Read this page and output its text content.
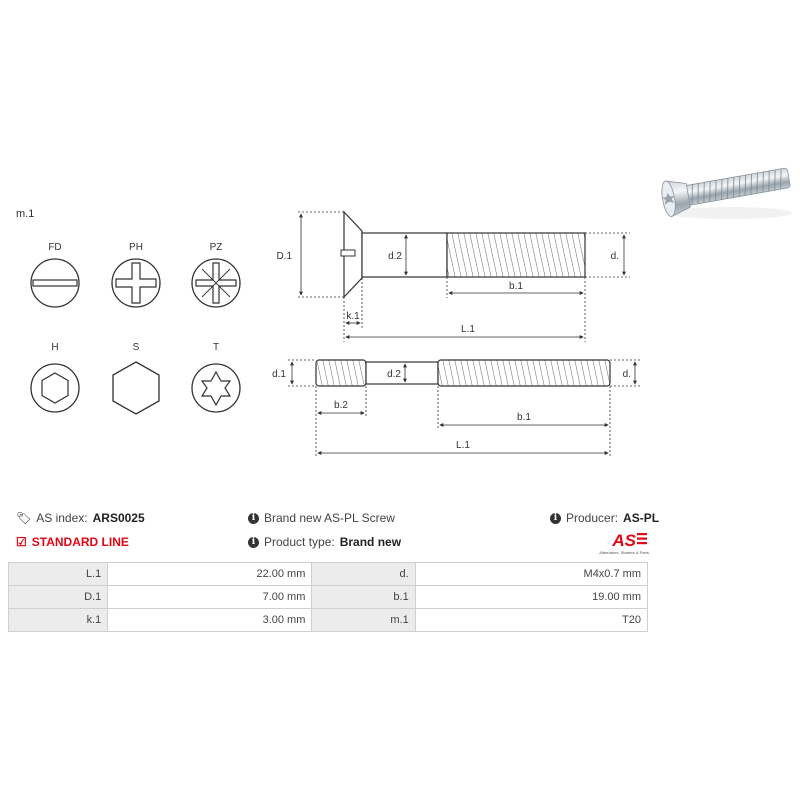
m.1
FD	PH	PZ
H	S	T
D.1	d.2	d.
b.1
k.1
L.1
d.1	d.2	d.
b.2
b.1
L.1
🏷︎ AS index: ARS0025
☑ STANDARD LINE
i Brand new AS-PL Screw
i Product type: Brand new
i Producer: AS-PL
AS
Alternators, Starters & Parts
L.1	22.00 mm	d.	M4x0.7 mm
D.1	7.00 mm	b.1	19.00 mm
k.1	3.00 mm	m.1	T20
